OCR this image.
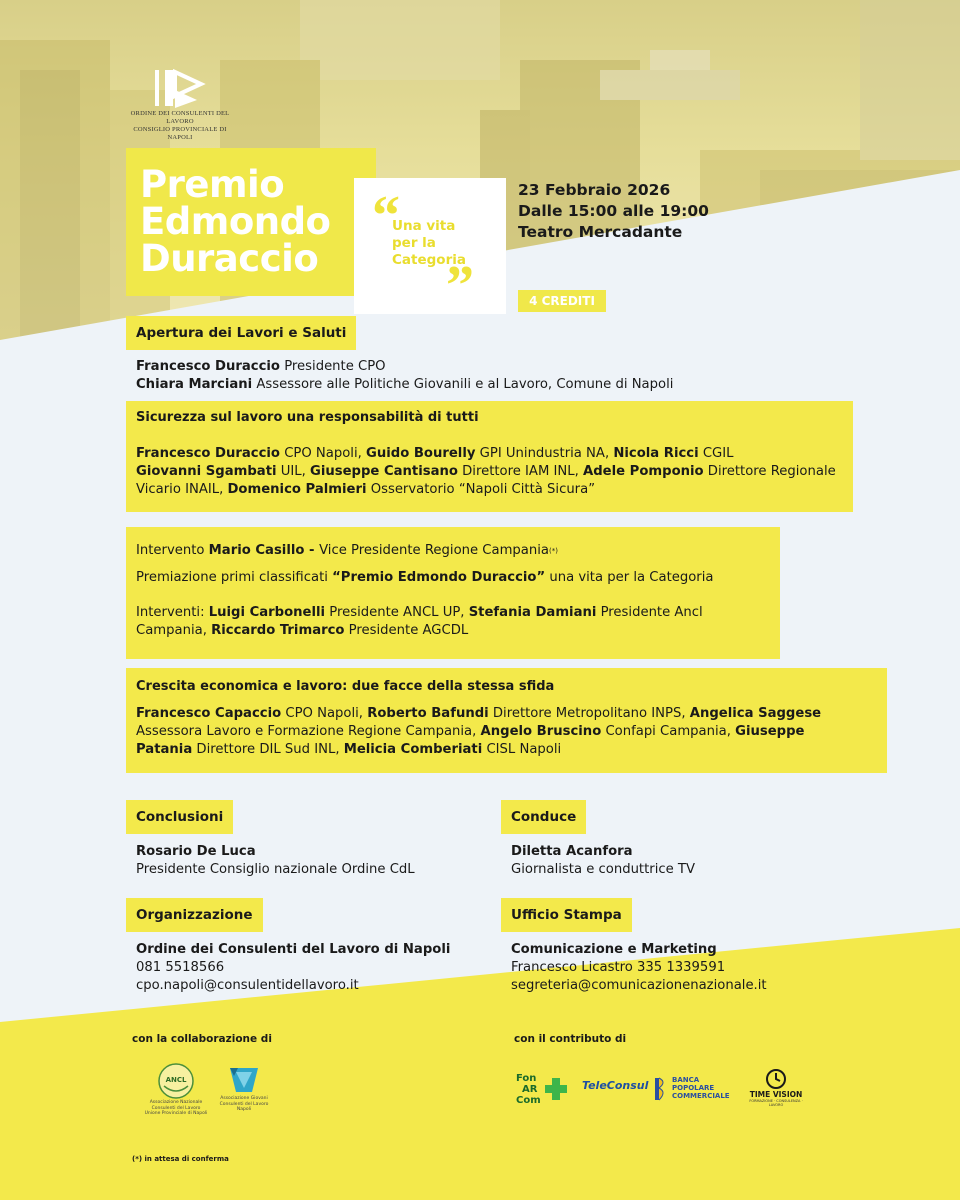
ORDINE DEI CONSULENTI DEL LAVORO
CONSIGLIO PROVINCIALE DI NAPOLI
Premio
Edmondo
Duraccio
“
Una vita
per la
Categoria
”
23 Febbraio 2026
Dalle 15:00 alle 19:00
Teatro Mercadante
4 CREDITI
Apertura dei Lavori e Saluti
Francesco Duraccio Presidente CPO
Chiara Marciani Assessore alle Politiche Giovanili e al Lavoro, Comune di Napoli
Sicurezza sul lavoro una responsabilità di tutti
Francesco Duraccio CPO Napoli, Guido Bourelly GPI Unindustria NA, Nicola Ricci CGIL
Giovanni Sgambati UIL, Giuseppe Cantisano Direttore IAM INL, Adele Pomponio Direttore Regionale
Vicario INAIL, Domenico Palmieri Osservatorio “Napoli Città Sicura”
Intervento Mario Casillo - Vice Presidente Regione Campania(*)
Premiazione primi classificati “Premio Edmondo Duraccio” una vita per la Categoria
Interventi: Luigi Carbonelli Presidente ANCL UP, Stefania Damiani Presidente Ancl
Campania, Riccardo Trimarco Presidente AGCDL
Crescita economica e lavoro: due facce della stessa sfida
Francesco Capaccio CPO Napoli, Roberto Bafundi Direttore Metropolitano INPS, Angelica Saggese
Assessora Lavoro e Formazione Regione Campania, Angelo Bruscino Confapi Campania, Giuseppe
Patania Direttore DIL Sud INL, Melicia Comberiati CISL Napoli
Conclusioni
Rosario De Luca
Presidente Consiglio nazionale Ordine CdL
Conduce
Diletta Acanfora
Giornalista e conduttrice TV
Organizzazione
Ordine dei Consulenti del Lavoro di Napoli
081 5518566
cpo.napoli@consulentidellavoro.it
Ufficio Stampa
Comunicazione e Marketing
Francesco Licastro 335 1339591
segreteria@comunicazionenazionale.it
con la collaborazione di	con il contributo di
ANCL
Associazione Nazionale Consulenti del Lavoro
Unione Provinciale di Napoli
Associazione Giovani
Consulenti del Lavoro
Napoli
Fon
AR
Com
TeleConsul	BANCA
POPOLARE
COMMERCIALE	TIME VISION
FORMAZIONE · CONSULENZA · LAVORO
(*) in attesa di conferma
